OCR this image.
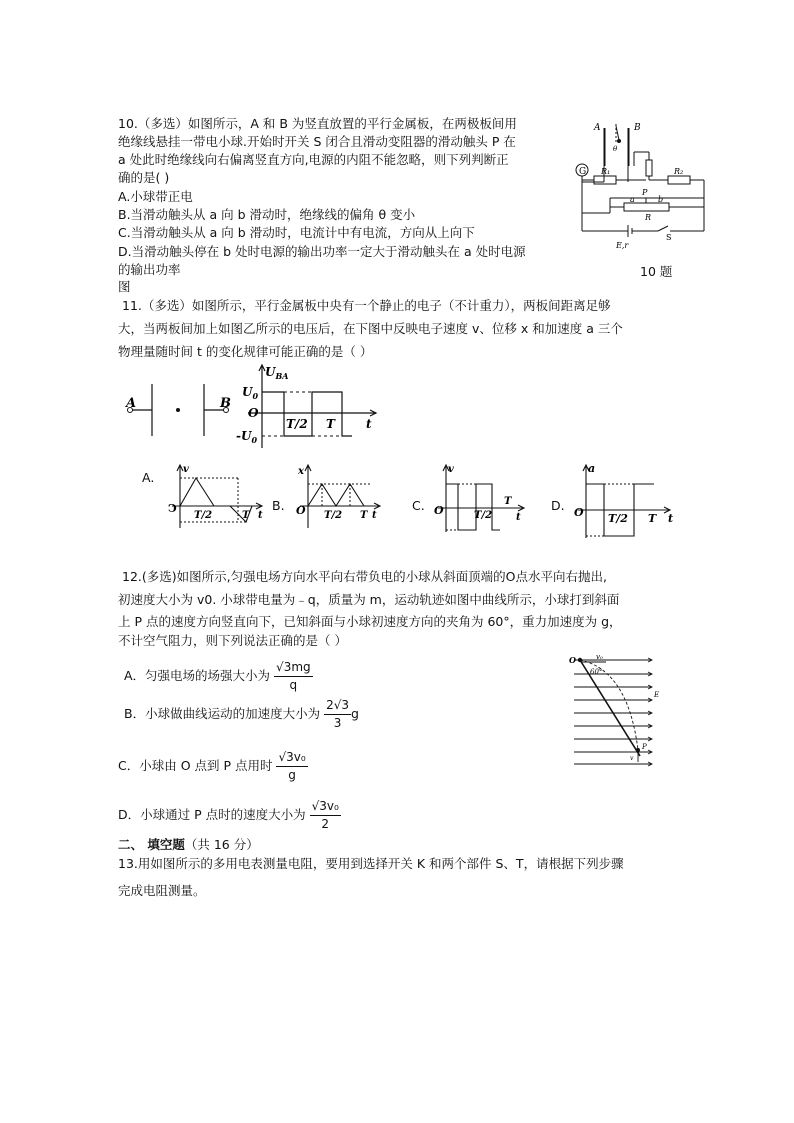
10.（多选）如图所示，A 和 B 为竖直放置的平行金属板，在两极板间用
绝缘线悬挂一带电小球.开始时开关 S 闭合且滑动变阻器的滑动触头 P 在
a 处此时绝缘线向右偏离竖直方向,电源的内阻不能忽略，则下列判断正
确的是( )
A.小球带正电
B.当滑动触头从 a 向 b 滑动时，绝缘线的偏角 θ 变小
C.当滑动触头从 a 向 b 滑动时，电流计中有电流，方向从上向下
D.当滑动触头停在 b 处时电源的输出功率一定大于滑动触头在 a 处时电源
的输出功率
图
10 题
G
A	B
θ
R₁	R₂
a
P
b
R
E,r
S
11.（多选）如图所示，平行金属板中央有一个静止的电子（不计重力），两板间距离足够
大，当两板间加上如图乙所示的电压后，在下图中反映电子速度 v、位移 x 和加速度 a 三个
物理量随时间 t 的变化规律可能正确的是（ ）
A	B
$U_{BA}$
$U_0$
O
$-U_0$
T/2 T	t
A.
v
Ↄ
T/2	T t
B.
x
O T/2 T t
C.
v
O	T/2
T
t
D.
a
O T/2 T t
12.(多选)如图所示,匀强电场方向水平向右带负电的小球从斜面顶端的O点水平向右抛出,
初速度大小为 v0. 小球带电量为﹣q，质量为 m，运动轨迹如图中曲线所示，小球打到斜面
上 P 点的速度方向竖直向下，已知斜面与小球初速度方向的夹角为 60°，重力加速度为 g，
不计空气阻力，则下列说法正确的是（ ）
A．匀强电场的场强大小为 $\frac{√3mg}{q}$
B．小球做曲线运动的加速度大小为 $\frac{2√3}{3}$ g
C．小球由 O 点到 P 点用时 $\frac{\text{√3v₀}}{g}$
D．小球通过 P 点时的速度大小为 $\frac{\text{√3v₀}}{2}$
O	v₀
60°
E
P
v
二、 填空题（共 16 分）
13.用如图所示的多用电表测量电阻，要用到选择开关 K 和两个部件 S、T，请根据下列步骤
完成电阻测量。
